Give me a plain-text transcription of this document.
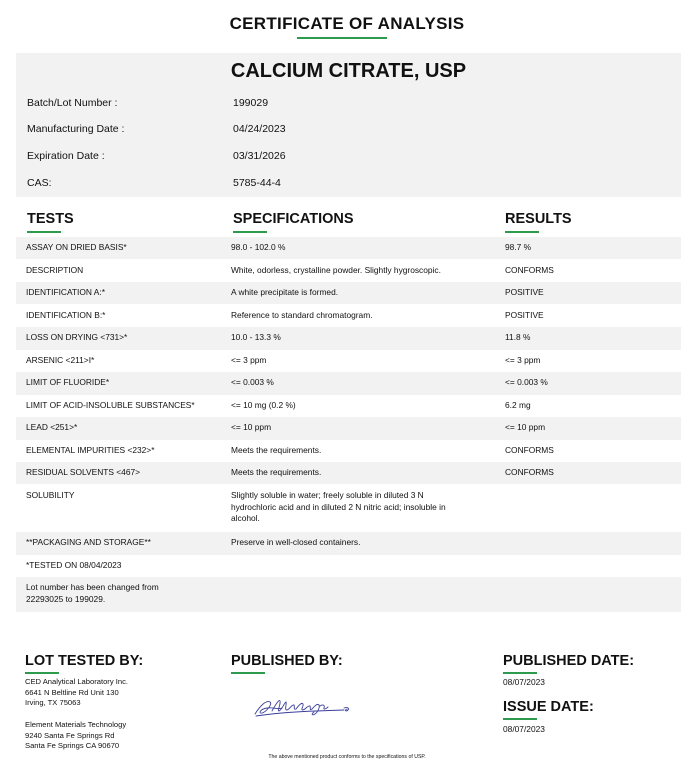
CERTIFICATE OF ANALYSIS
CALCIUM CITRATE, USP
Batch/Lot Number :	199029
Manufacturing Date :	04/24/2023
Expiration Date :	03/31/2026
CAS:	5785-44-4
TESTS	SPECIFICATIONS	RESULTS
ASSAY ON DRIED BASIS*	98.0 - 102.0 %	98.7 %
DESCRIPTION	White, odorless, crystalline powder. Slightly hygroscopic.	CONFORMS
IDENTIFICATION A:*	A white precipitate is formed.	POSITIVE
IDENTIFICATION B:*	Reference to standard chromatogram.	POSITIVE
LOSS ON DRYING <731>*	10.0 - 13.3 %	11.8 %
ARSENIC <211>I*	<= 3 ppm	<= 3 ppm
LIMIT OF FLUORIDE*	<= 0.003 %	<= 0.003 %
LIMIT OF ACID-INSOLUBLE SUBSTANCES*	<= 10 mg (0.2 %)	6.2 mg
LEAD <251>*	<= 10 ppm	<= 10 ppm
ELEMENTAL IMPURITIES <232>*	Meets the requirements.	CONFORMS
RESIDUAL SOLVENTS <467>	Meets the requirements.	CONFORMS
SOLUBILITY	Slightly soluble in water; freely soluble in diluted 3 N hydrochloric acid and in diluted 2 N nitric acid; insoluble in alcohol.
**PACKAGING AND STORAGE**	Preserve in well-closed containers.
*TESTED ON 08/04/2023
Lot number has been changed from 22293025 to 199029.
LOT TESTED BY:
CED Analytical Laboratory Inc.
6641 N Beltline Rd Unit 130
Irving, TX 75063
Element Materials Technology
9240 Santa Fe Springs Rd
Santa Fe Springs CA 90670
PUBLISHED BY:	PUBLISHED DATE:
08/07/2023
ISSUE DATE:
08/07/2023
The above mentioned product conforms to the specifications of USP.
